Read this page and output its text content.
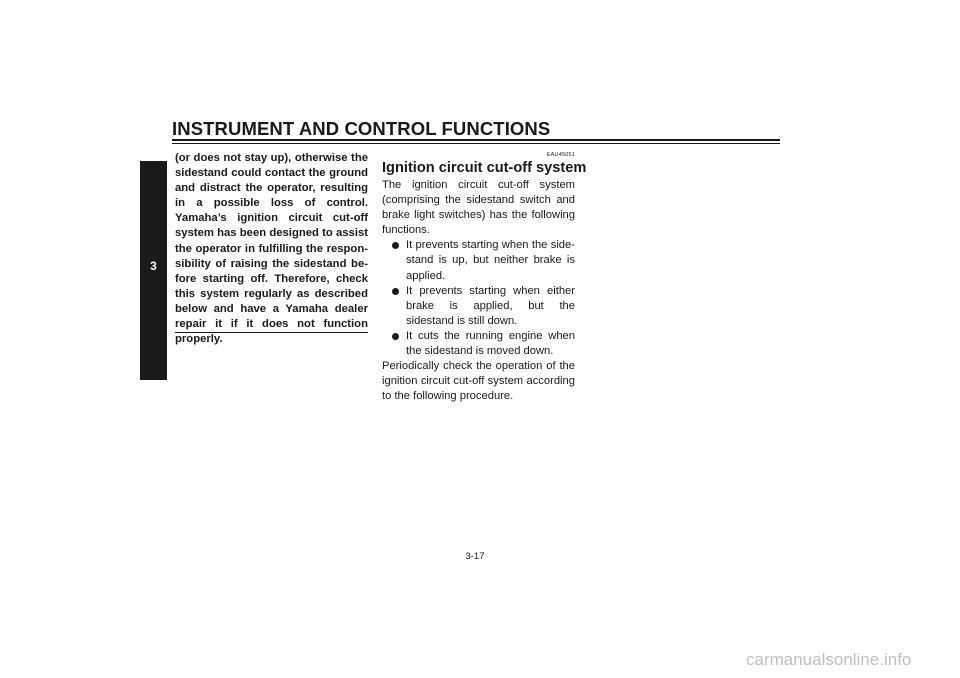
INSTRUMENT AND CONTROL FUNCTIONS
3
(or does not stay up), otherwise the sidestand could contact the ground and distract the operator, resulting in a possible loss of control. Yamaha’s ignition circuit cut-off system has been designed to assist the operator in fulfilling the responsibility of raising the sidestand before starting off. Therefore, check this system regularly as described below and have a Yamaha dealer repair it if it does not function properly.
EAU45051
Ignition circuit cut-off system
The ignition circuit cut-off system (comprising the sidestand switch and brake light switches) has the following functions.
It prevents starting when the sidestand is up, but neither brake is applied.
It prevents starting when either brake is applied, but the sidestand is still down.
It cuts the running engine when the sidestand is moved down.
Periodically check the operation of the ignition circuit cut-off system according to the following procedure.
3-17
carmanualsonline.info
